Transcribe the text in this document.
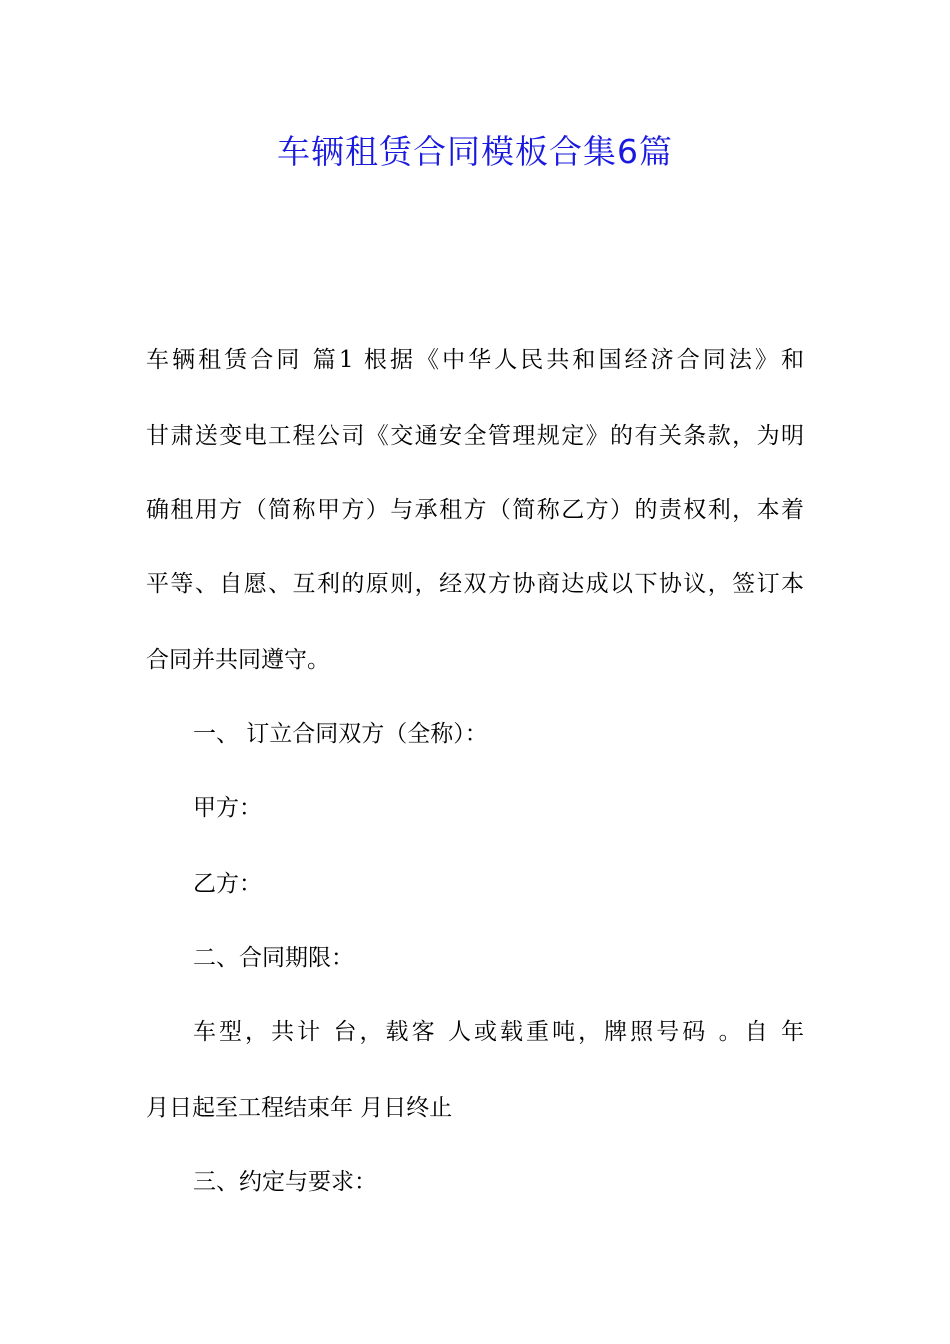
车辆租赁合同模板合集6篇
车辆租赁合同 篇1 根据《中华人民共和国经济合同法》和
甘肃送变电工程公司《交通安全管理规定》的有关条款，为明
确租用方（简称甲方）与承租方（简称乙方）的责权利，本着
平等、自愿、互利的原则，经双方协商达成以下协议，签订本
合同并共同遵守。
一、 订立合同双方（全称）：
甲方：
乙方：
二、合同期限：
车型，共计 台，载客 人或载重吨，牌照号码 。自 年
月日起至工程结束年 月日终止
三、约定与要求：
